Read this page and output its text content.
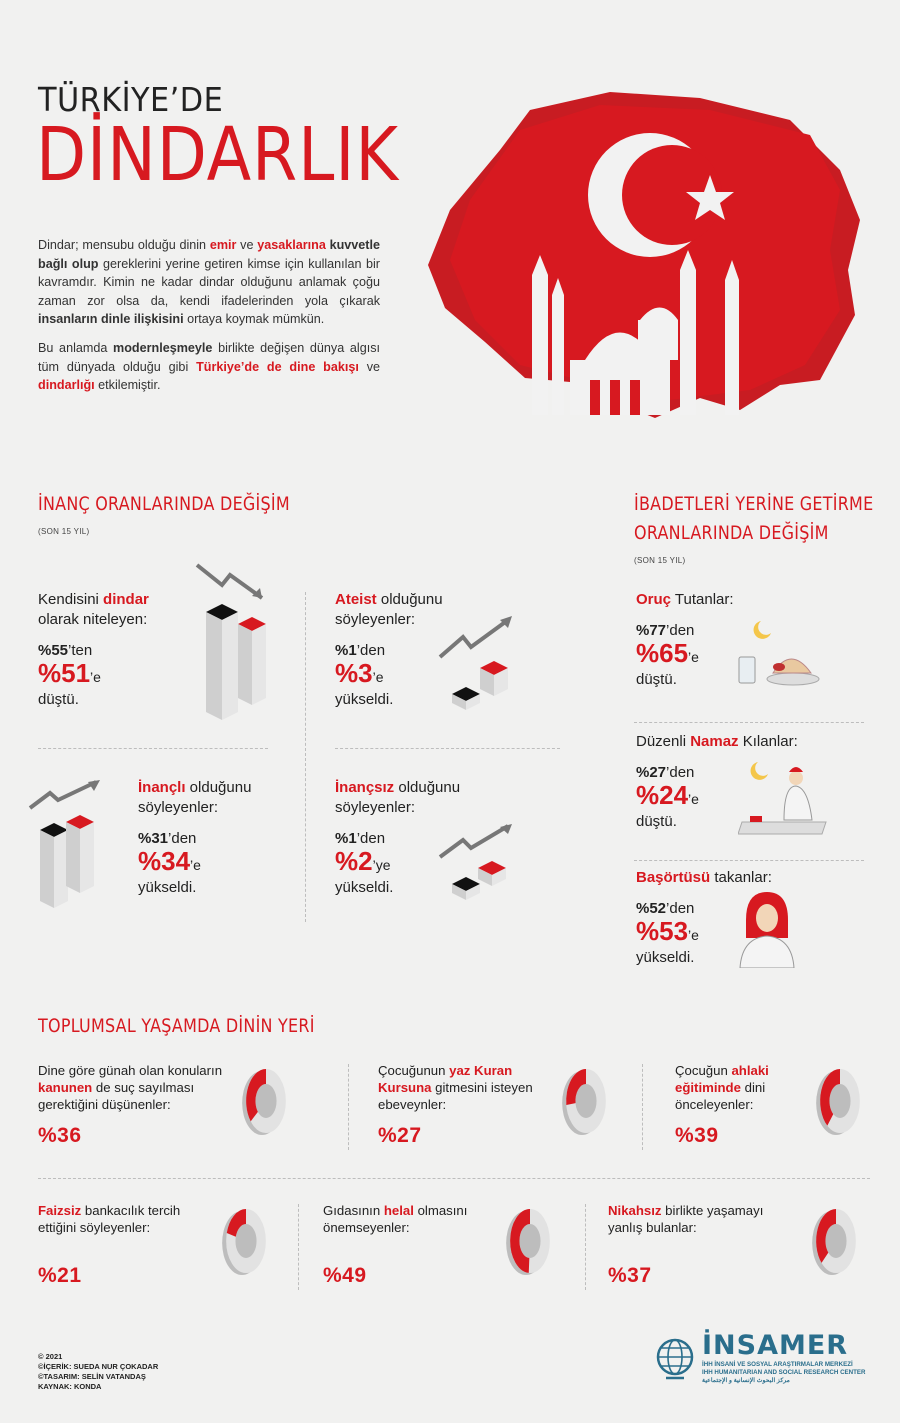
TÜRKİYE’DE
DİNDARLIK

Dindar; mensubu olduğu dinin emir ve yasaklarına kuvvetle bağlı olup gereklerini yerine getiren kimse için kullanılan bir kavramdır. Kimin ne kadar dindar olduğunu anlamak çoğu zaman zor olsa da, kendi ifadelerinden yola çıkarak insanların dinle ilişkisini ortaya koymak mümkün.

Bu anlamda modernleşmeyle birlikte değişen dünya algısı tüm dünyada olduğu gibi Türkiye’de de dine bakışı ve dindarlığı etkilemiştir.

İNANÇ ORANLARINDA DEĞİŞİM
(SON 15 YIL)
Kendisini dindar
olarak niteleyen:
%55’ten
%51’e
düştü.
Ateist olduğunu
söyleyenler:
%1’den
%3’e
yükseldi.
İnançlı olduğunu
söyleyenler:
%31’den
%34’e
yükseldi.
İnançsız olduğunu
söyleyenler:
%1’den
%2’ye
yükseldi.
İBADETLERİ YERİNE GETİRME
ORANLARINDA DEĞİŞİM
(SON 15 YIL)
Oruç Tutanlar:
%77’den
%65’e
düştü.
Düzenli Namaz Kılanlar:
%27’den
%24’e
düştü.
Başörtüsü takanlar:
%52’den
%53’e
yükseldi.
TOPLUMSAL YAŞAMDA DİNİN YERİ
Dine göre günah olan konuların kanunen de suç sayılması gerektiğini düşünenler:
%36
Çocuğunun yaz Kuran Kursuna gitmesini isteyen ebeveynler:
%27
Çocuğun ahlaki eğitiminde dini önceleyenler:
%39
Faizsiz bankacılık tercih ettiğini söyleyenler:
%21
Gıdasının helal olmasını önemseyenler:
%49
Nikahsız birlikte yaşamayı yanlış bulanlar:
%37
© 2021
©İÇERİK: SUEDA NUR ÇOKADAR
©TASARIM: SELİN VATANDAŞ
KAYNAK: KONDA
İNSAMER
İHH İNSANİ VE SOSYAL ARAŞTIRMALAR MERKEZİ
IHH HUMANITARIAN AND SOCIAL RESEARCH CENTER
مركز البحوث الإنسانية و الإجتماعية
